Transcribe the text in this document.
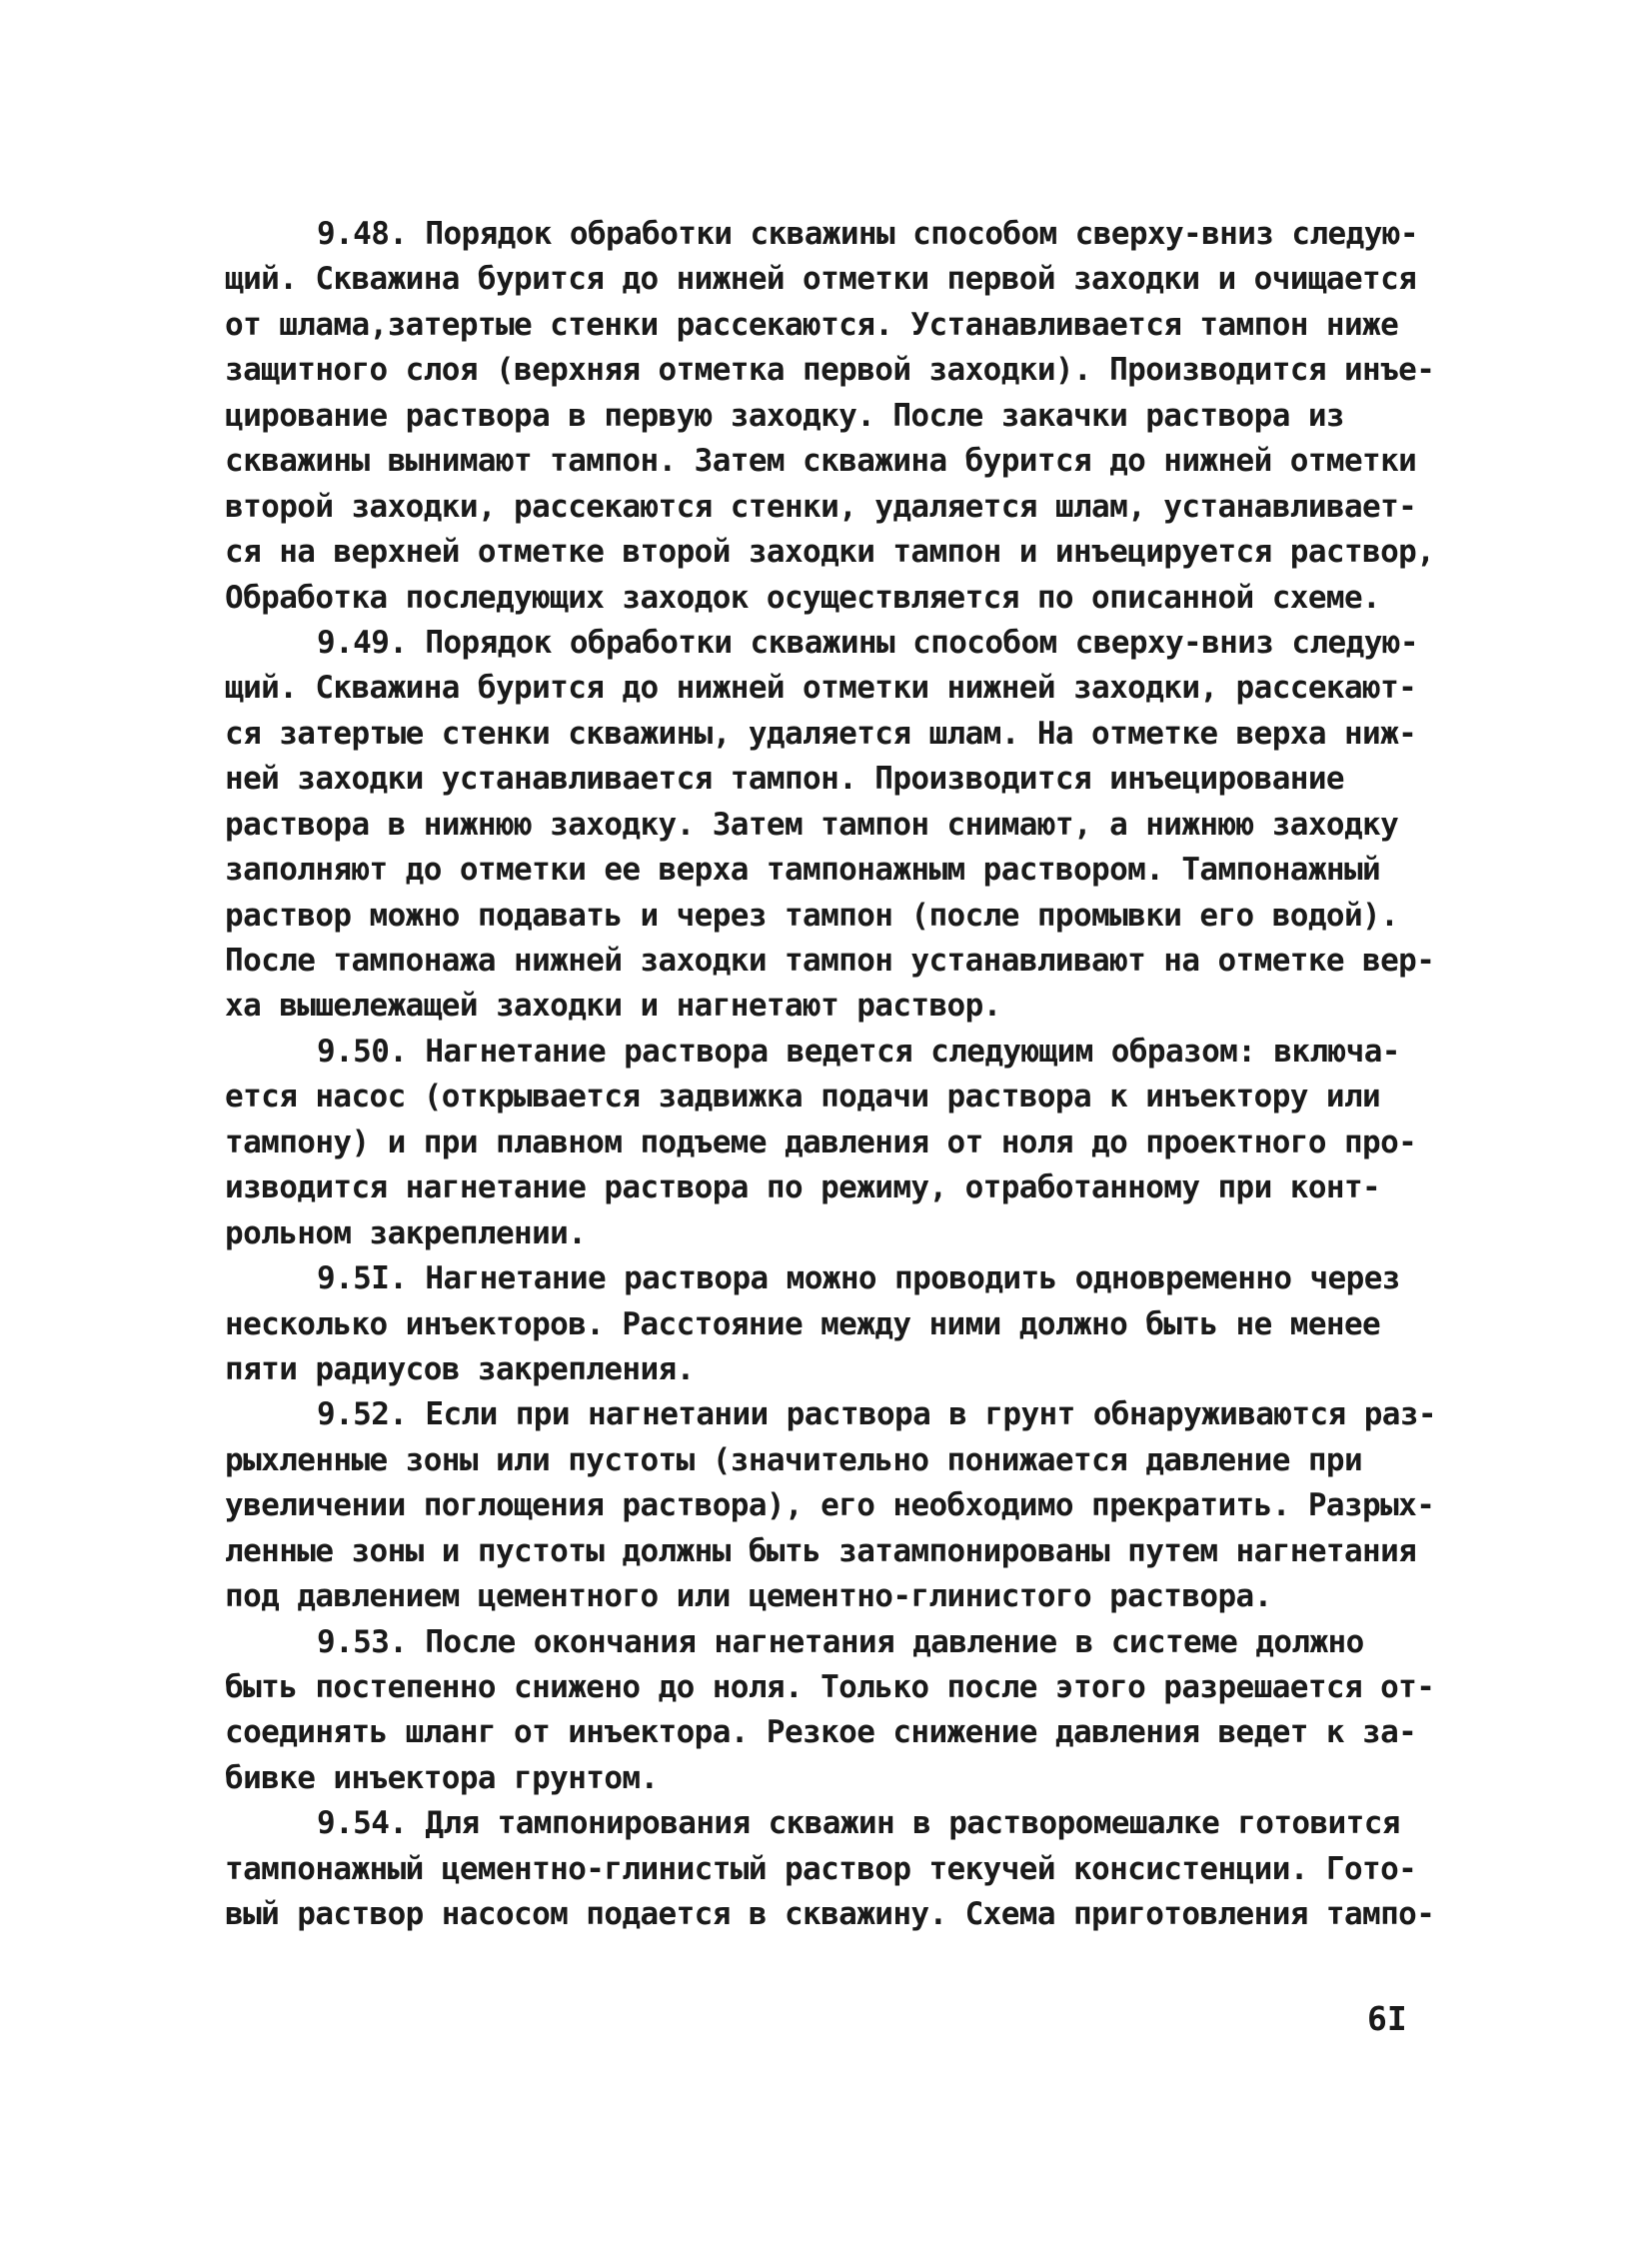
9.48. Порядок обработки скважины способом сверху-вниз следую-
щий. Скважина бурится до нижней отметки первой заходки и очищается
от шлама,затертые стенки рассекаются. Устанавливается тампон ниже
защитного слоя (верхняя отметка первой заходки). Производится инъе-
цирование раствора в первую заходку. После закачки раствора из
скважины вынимают тампон. Затем скважина бурится до нижней отметки
второй заходки, рассекаются стенки, удаляется шлам, устанавливает-
ся на верхней отметке второй заходки тампон и инъецируется раствор,
Обработка последующих заходок осуществляется по описанной схеме.
9.49. Порядок обработки скважины способом сверху-вниз следую-
щий. Скважина бурится до нижней отметки нижней заходки, рассекают-
ся затертые стенки скважины, удаляется шлам. На отметке верха ниж-
ней заходки устанавливается тампон. Производится инъецирование
раствора в нижнюю заходку. Затем тампон снимают, а нижнюю заходку
заполняют до отметки ее верха тампонажным раствором. Тампонажный
раствор можно подавать и через тампон (после промывки его водой).
После тампонажа нижней заходки тампон устанавливают на отметке вер-
ха вышележащей заходки и нагнетают раствор.
9.50. Нагнетание раствора ведется следующим образом: включа-
ется насос (открывается задвижка подачи раствора к инъектору или
тампону) и при плавном подъеме давления от ноля до проектного про-
изводится нагнетание раствора по режиму, отработанному при конт-
рольном закреплении.
9.5I. Нагнетание раствора можно проводить одновременно через
несколько инъекторов. Расстояние между ними должно быть не менее
пяти радиусов закрепления.
9.52. Если при нагнетании раствора в грунт обнаруживаются раз-
рыхленные зоны или пустоты (значительно понижается давление при
увеличении поглощения раствора), его необходимо прекратить. Разрых-
ленные зоны и пустоты должны быть затампонированы путем нагнетания
под давлением цементного или цементно-глинистого раствора.
9.53. После окончания нагнетания давление в системе должно
быть постепенно снижено до ноля. Только после этого разрешается от-
соединять шланг от инъектора. Резкое снижение давления ведет к за-
бивке инъектора грунтом.
9.54. Для тампонирования скважин в растворомешалке готовится
тампонажный цементно-глинистый раствор текучей консистенции. Гото-
вый раствор насосом подается в скважину. Схема приготовления тампо-
6I
